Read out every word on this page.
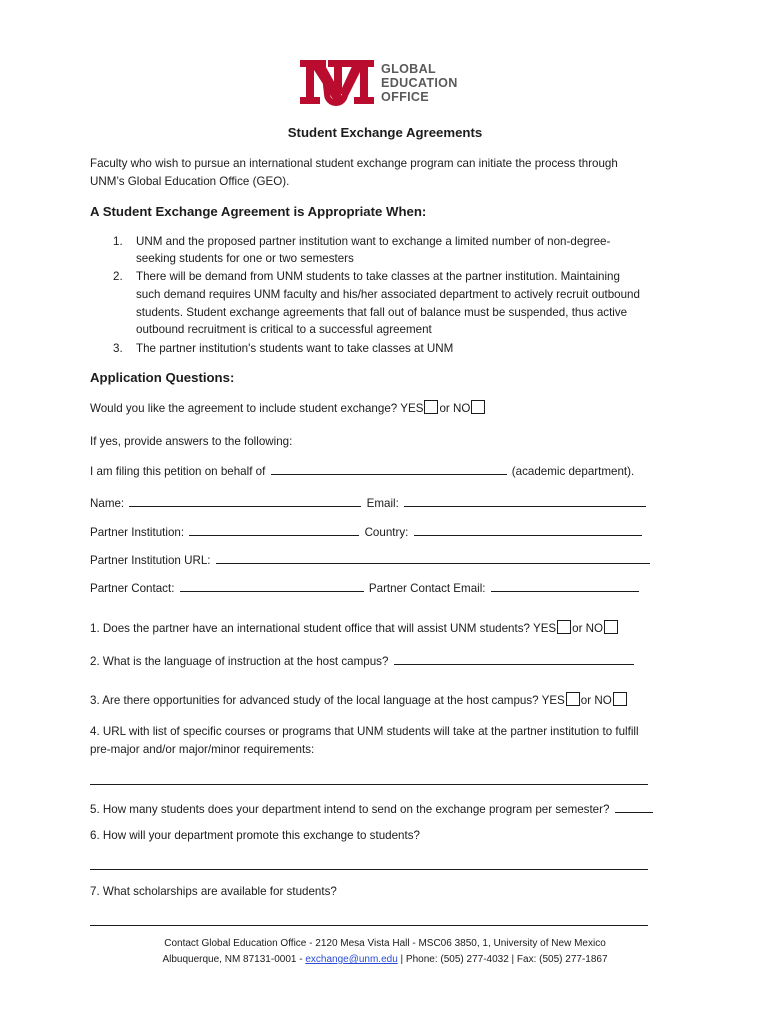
GLOBAL
EDUCATION
OFFICE
Student Exchange Agreements
Faculty who wish to pursue an international student exchange program can initiate the process through
UNM’s Global Education Office (GEO).
A Student Exchange Agreement is Appropriate When:
UNM and the proposed partner institution want to exchange a limited number of non-degree-
seeking students for one or two semesters
1.
2. There will be demand from UNM students to take classes at the partner institution. Maintaining
such demand requires UNM faculty and his/her associated department to actively recruit outbound
students. Student exchange agreements that fall out of balance must be suspended, thus active
outbound recruitment is critical to a successful agreement
3. The partner institution's students want to take classes at UNM
Application Questions:
Would you like the agreement to include student exchange? YES or NO
If yes, provide answers to the following:
I am filing this petition on behalf of	(academic department).
Name:	Email:
Partner Institution:	Country:
Partner Institution URL:
Partner Contact:	Partner Contact Email:
1. Does the partner have an international student office that will assist UNM students? YES or NO
2. What is the language of instruction at the host campus?
3. Are there opportunities for advanced study of the local language at the host campus? YES or NO
4. URL with list of specific courses or programs that UNM students will take at the partner institution to fulfill
pre-major and/or major/minor requirements:
5. How many students does your department intend to send on the exchange program per semester?
6. How will your department promote this exchange to students?
7. What scholarships are available for students?
Contact Global Education Office - 2120 Mesa Vista Hall - MSC06 3850, 1, University of New Mexico
Albuquerque, NM 87131-0001 - exchange@unm.edu | Phone: (505) 277-4032 | Fax: (505) 277-1867
